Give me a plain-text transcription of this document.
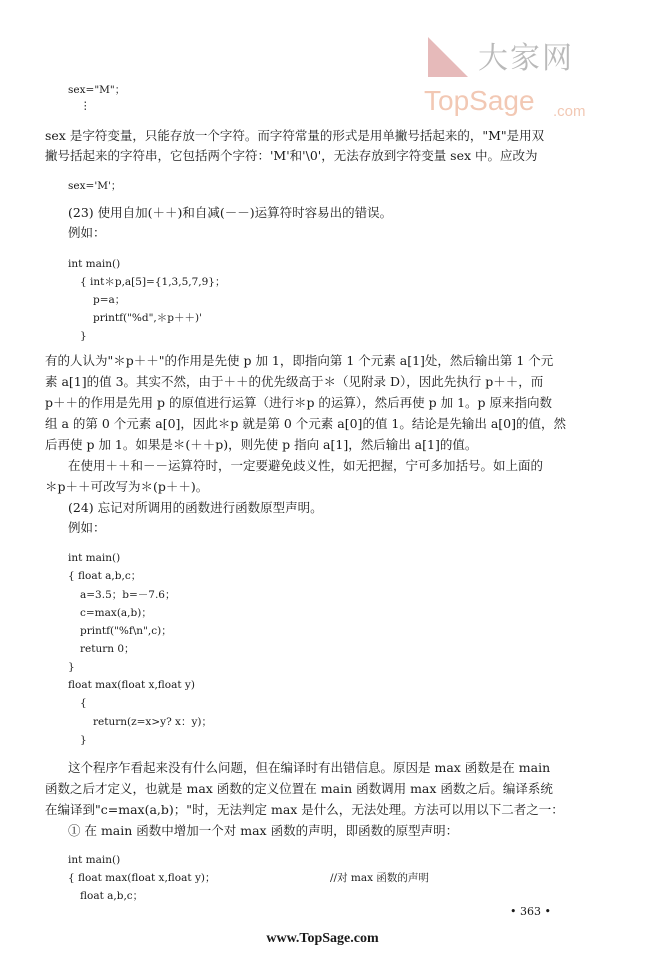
大家网
TopSage .com
sex="M"；
⋮
sex 是字符变量，只能存放一个字符。而字符常量的形式是用单撇号括起来的，"M"是用双
撇号括起来的字符串，它包括两个字符：'M'和'\0'，无法存放到字符变量 sex 中。应改为
sex='M'；
(23) 使用自加(＋＋)和自减(－－)运算符时容易出的错误。
例如：
int main()
{ int＊p,a[5]={1,3,5,7,9}；
p=a；
printf("%d",＊p＋＋)'
}
有的人认为"＊p＋＋"的作用是先使 p 加 1，即指向第 1 个元素 a[1]处，然后输出第 1 个元
素 a[1]的值 3。其实不然，由于＋＋的优先级高于＊（见附录 D），因此先执行 p＋＋，而
p＋＋的作用是先用 p 的原值进行运算（进行＊p 的运算），然后再使 p 加 1。p 原来指向数
组 a 的第 0 个元素 a[0]，因此＊p 就是第 0 个元素 a[0]的值 1。结论是先输出 a[0]的值，然
后再使 p 加 1。如果是＊(＋＋p)，则先使 p 指向 a[1]，然后输出 a[1]的值。
在使用＋＋和－－运算符时，一定要避免歧义性，如无把握，宁可多加括号。如上面的
＊p＋＋可改写为＊(p＋＋)。
(24) 忘记对所调用的函数进行函数原型声明。
例如：
int main()
{ float a,b,c；
a=3.5；b=－7.6；
c=max(a,b)；
printf("%f\n",c)；
return 0；
}
float max(float x,float y)
{
return(z=x>y? x：y)；
}
这个程序乍看起来没有什么问题，但在编译时有出错信息。原因是 max 函数是在 main
函数之后才定义，也就是 max 函数的定义位置在 main 函数调用 max 函数之后。编译系统
在编译到"c=max(a,b)；"时，无法判定 max 是什么，无法处理。方法可以用以下二者之一：
① 在 main 函数中增加一个对 max 函数的声明，即函数的原型声明：
int main()
{ float max(float x,float y)；	//对 max 函数的声明
float a,b,c；
• 363 •
www.TopSage.com
